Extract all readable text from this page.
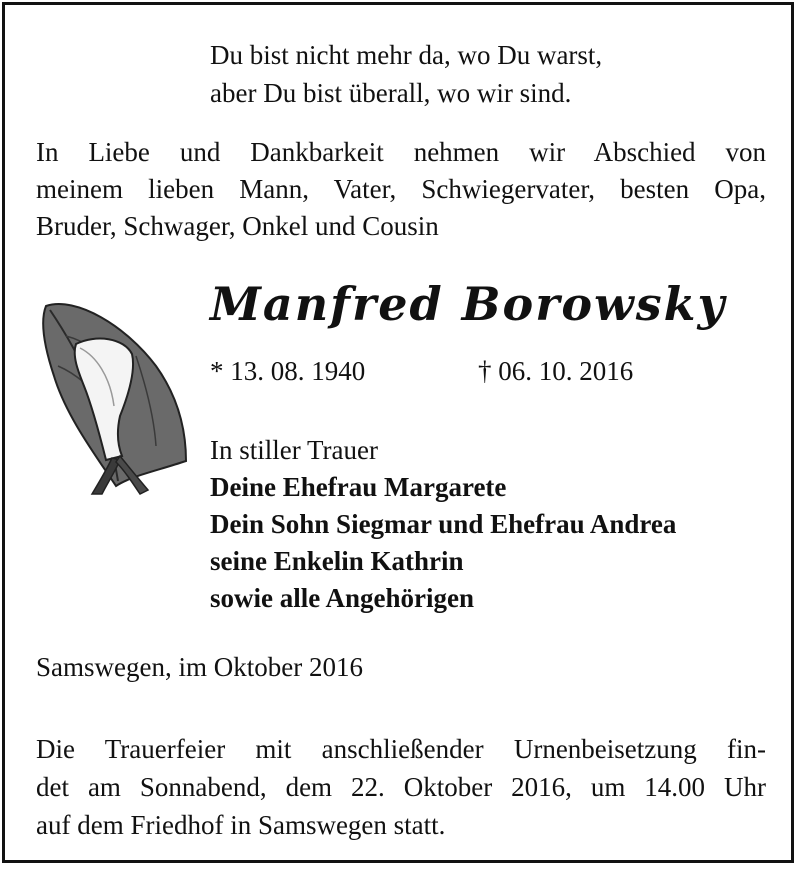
Du bist nicht mehr da, wo Du warst,
aber Du bist überall, wo wir sind.
In Liebe und Dankbarkeit nehmen wir Abschied von
meinem lieben Mann, Vater, Schwiegervater, besten Opa,
Bruder, Schwager, Onkel und Cousin
Manfred Borowsky
* 13. 08. 1940	† 06. 10. 2016
In stiller Trauer
Deine Ehefrau Margarete
Dein Sohn Siegmar und Ehefrau Andrea
seine Enkelin Kathrin
sowie alle Angehörigen
Samswegen, im Oktober 2016
Die Trauerfeier mit anschließender Urnenbeisetzung fin-
det am Sonnabend, dem 22. Oktober 2016, um 14.00 Uhr
auf dem Friedhof in Samswegen statt.
